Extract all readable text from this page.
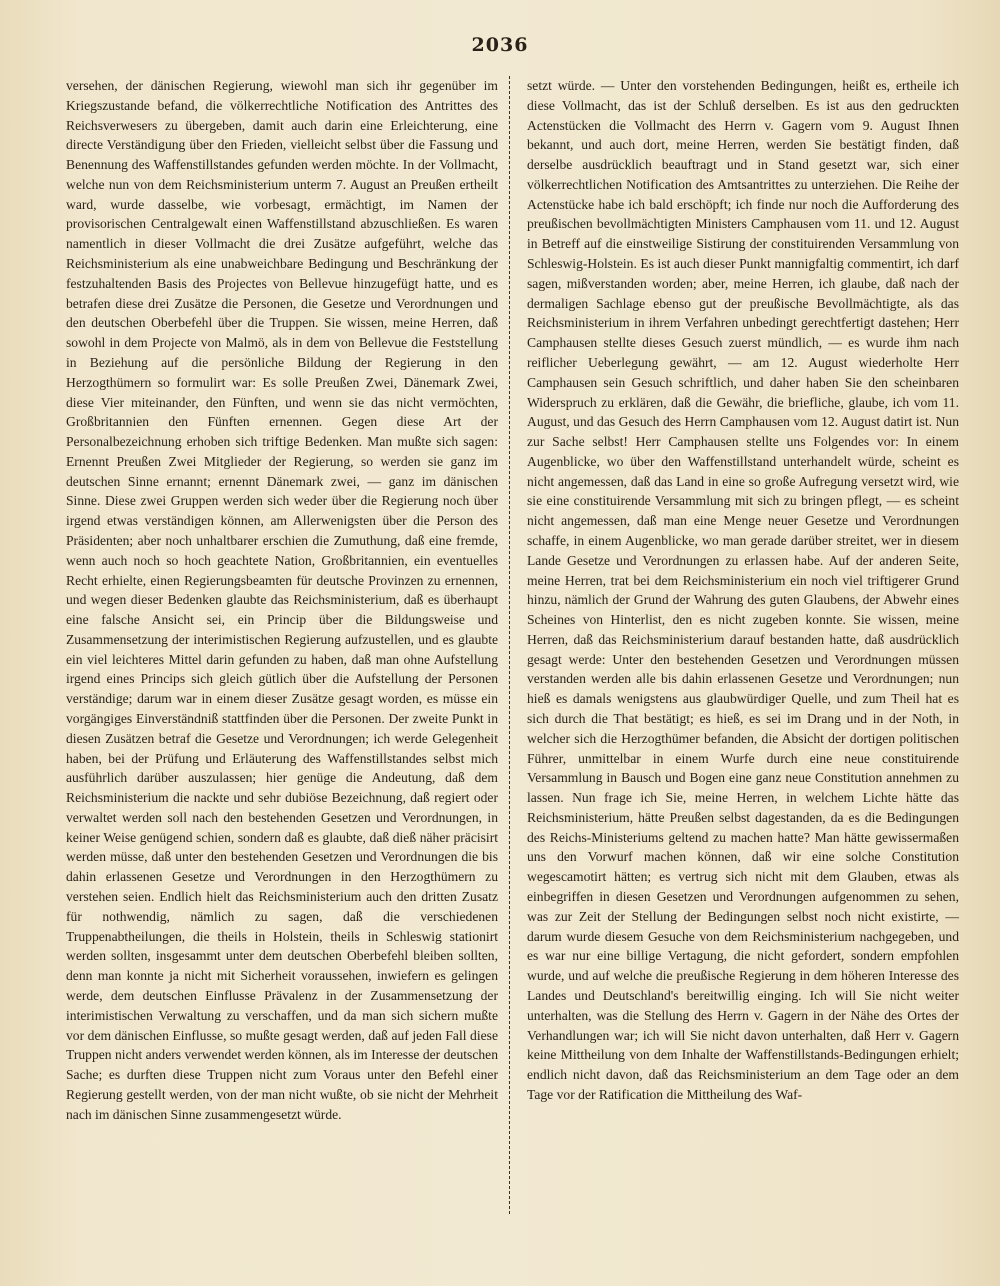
2036

versehen, der dänischen Regierung, wiewohl man sich ihr gegenüber im Kriegszustande befand, die völkerrechtliche Notification des Antrittes des Reichsverwesers zu übergeben, damit auch darin eine Erleichterung, eine directe Verständigung über den Frieden, vielleicht selbst über die Fassung und Benennung des Waffenstillstandes gefunden werden möchte. In der Vollmacht, welche nun von dem Reichsministerium unterm 7. August an Preußen ertheilt ward, wurde dasselbe, wie vorbesagt, ermächtigt, im Namen der provisorischen Centralgewalt einen Waffenstillstand abzuschließen. Es waren namentlich in dieser Vollmacht die drei Zusätze aufgeführt, welche das Reichsministerium als eine unabweichbare Bedingung und Beschränkung der festzuhaltenden Basis des Projectes von Bellevue hinzugefügt hatte, und es betrafen diese drei Zusätze die Personen, die Gesetze und Verordnungen und den deutschen Oberbefehl über die Truppen. Sie wissen, meine Herren, daß sowohl in dem Projecte von Malmö, als in dem von Bellevue die Feststellung in Beziehung auf die persönliche Bildung der Regierung in den Herzogthümern so formulirt war: Es solle Preußen Zwei, Dänemark Zwei, diese Vier miteinander, den Fünften, und wenn sie das nicht vermöchten, Großbritannien den Fünften ernennen. Gegen diese Art der Personalbezeichnung erhoben sich triftige Bedenken. Man mußte sich sagen: Ernennt Preußen Zwei Mitglieder der Regierung, so werden sie ganz im deutschen Sinne ernannt; ernennt Dänemark zwei, — ganz im dänischen Sinne. Diese zwei Gruppen werden sich weder über die Regierung noch über irgend etwas verständigen können, am Allerwenigsten über die Person des Präsidenten; aber noch unhaltbarer erschien die Zumuthung, daß eine fremde, wenn auch noch so hoch geachtete Nation, Großbritannien, ein eventuelles Recht erhielte, einen Regierungsbeamten für deutsche Provinzen zu ernennen, und wegen dieser Bedenken glaubte das Reichsministerium, daß es überhaupt eine falsche Ansicht sei, ein Princip über die Bildungsweise und Zusammensetzung der interimistischen Regierung aufzustellen, und es glaubte ein viel leichteres Mittel darin gefunden zu haben, daß man ohne Aufstellung irgend eines Princips sich gleich gütlich über die Aufstellung der Personen verständige; darum war in einem dieser Zusätze gesagt worden, es müsse ein vorgängiges Einverständniß stattfinden über die Personen. Der zweite Punkt in diesen Zusätzen betraf die Gesetze und Verordnungen; ich werde Gelegenheit haben, bei der Prüfung und Erläuterung des Waffenstillstandes selbst mich ausführlich darüber auszulassen; hier genüge die Andeutung, daß dem Reichsministerium die nackte und sehr dubiöse Bezeichnung, daß regiert oder verwaltet werden soll nach den bestehenden Gesetzen und Verordnungen, in keiner Weise genügend schien, sondern daß es glaubte, daß dieß näher präcisirt werden müsse, daß unter den bestehenden Gesetzen und Verordnungen die bis dahin erlassenen Gesetze und Verordnungen in den Herzogthümern zu verstehen seien. Endlich hielt das Reichsministerium auch den dritten Zusatz für nothwendig, nämlich zu sagen, daß die verschiedenen Truppenabtheilungen, die theils in Holstein, theils in Schleswig stationirt werden sollten, insgesammt unter dem deutschen Oberbefehl bleiben sollten, denn man konnte ja nicht mit Sicherheit voraussehen, inwiefern es gelingen werde, dem deutschen Einflusse Prävalenz in der Zusammensetzung der interimistischen Verwaltung zu verschaffen, und da man sich sichern mußte vor dem dänischen Einflusse, so mußte gesagt werden, daß auf jeden Fall diese Truppen nicht anders verwendet werden können, als im Interesse der deutschen Sache; es durften diese Truppen nicht zum Voraus unter den Befehl einer Regierung gestellt werden, von der man nicht wußte, ob sie nicht der Mehrheit nach im dänischen Sinne zusammengesetzt würde.

setzt würde. — Unter den vorstehenden Bedingungen, heißt es, ertheile ich diese Vollmacht, das ist der Schluß derselben. Es ist aus den gedruckten Actenstücken die Vollmacht des Herrn v. Gagern vom 9. August Ihnen bekannt, und auch dort, meine Herren, werden Sie bestätigt finden, daß derselbe ausdrücklich beauftragt und in Stand gesetzt war, sich einer völkerrechtlichen Notification des Amtsantrittes zu unterziehen. Die Reihe der Actenstücke habe ich bald erschöpft; ich finde nur noch die Aufforderung des preußischen bevollmächtigten Ministers Camphausen vom 11. und 12. August in Betreff auf die einstweilige Sistirung der constituirenden Versammlung von Schleswig-Holstein. Es ist auch dieser Punkt mannigfaltig commentirt, ich darf sagen, mißverstanden worden; aber, meine Herren, ich glaube, daß nach der dermaligen Sachlage ebenso gut der preußische Bevollmächtigte, als das Reichsministerium in ihrem Verfahren unbedingt gerechtfertigt dastehen; Herr Camphausen stellte dieses Gesuch zuerst mündlich, — es wurde ihm nach reiflicher Ueberlegung gewährt, — am 12. August wiederholte Herr Camphausen sein Gesuch schriftlich, und daher haben Sie den scheinbaren Widerspruch zu erklären, daß die Gewähr, die briefliche, glaube, ich vom 11. August, und das Gesuch des Herrn Camphausen vom 12. August datirt ist. Nun zur Sache selbst! Herr Camphausen stellte uns Folgendes vor: In einem Augenblicke, wo über den Waffenstillstand unterhandelt würde, scheint es nicht angemessen, daß das Land in eine so große Aufregung versetzt wird, wie sie eine constituirende Versammlung mit sich zu bringen pflegt, — es scheint nicht angemessen, daß man eine Menge neuer Gesetze und Verordnungen schaffe, in einem Augenblicke, wo man gerade darüber streitet, wer in diesem Lande Gesetze und Verordnungen zu erlassen habe. Auf der anderen Seite, meine Herren, trat bei dem Reichsministerium ein noch viel triftigerer Grund hinzu, nämlich der Grund der Wahrung des guten Glaubens, der Abwehr eines Scheines von Hinterlist, den es nicht zugeben konnte. Sie wissen, meine Herren, daß das Reichsministerium darauf bestanden hatte, daß ausdrücklich gesagt werde: Unter den bestehenden Gesetzen und Verordnungen müssen verstanden werden alle bis dahin erlassenen Gesetze und Verordnungen; nun hieß es damals wenigstens aus glaubwürdiger Quelle, und zum Theil hat es sich durch die That bestätigt; es hieß, es sei im Drang und in der Noth, in welcher sich die Herzogthümer befanden, die Absicht der dortigen politischen Führer, unmittelbar in einem Wurfe durch eine neue constituirende Versammlung in Bausch und Bogen eine ganz neue Constitution annehmen zu lassen. Nun frage ich Sie, meine Herren, in welchem Lichte hätte das Reichsministerium, hätte Preußen selbst dagestanden, da es die Bedingungen des Reichs-Ministeriums geltend zu machen hatte? Man hätte gewissermaßen uns den Vorwurf machen können, daß wir eine solche Constitution wegescamotirt hätten; es vertrug sich nicht mit dem Glauben, etwas als einbegriffen in diesen Gesetzen und Verordnungen aufgenommen zu sehen, was zur Zeit der Stellung der Bedingungen selbst noch nicht existirte, — darum wurde diesem Gesuche von dem Reichsministerium nachgegeben, und es war nur eine billige Vertagung, die nicht gefordert, sondern empfohlen wurde, und auf welche die preußische Regierung in dem höheren Interesse des Landes und Deutschland's bereitwillig einging. Ich will Sie nicht weiter unterhalten, was die Stellung des Herrn v. Gagern in der Nähe des Ortes der Verhandlungen war; ich will Sie nicht davon unterhalten, daß Herr v. Gagern keine Mittheilung von dem Inhalte der Waffenstillstands-Bedingungen erhielt; endlich nicht davon, daß das Reichsministerium an dem Tage oder an dem Tage vor der Ratification die Mittheilung des Waf-
